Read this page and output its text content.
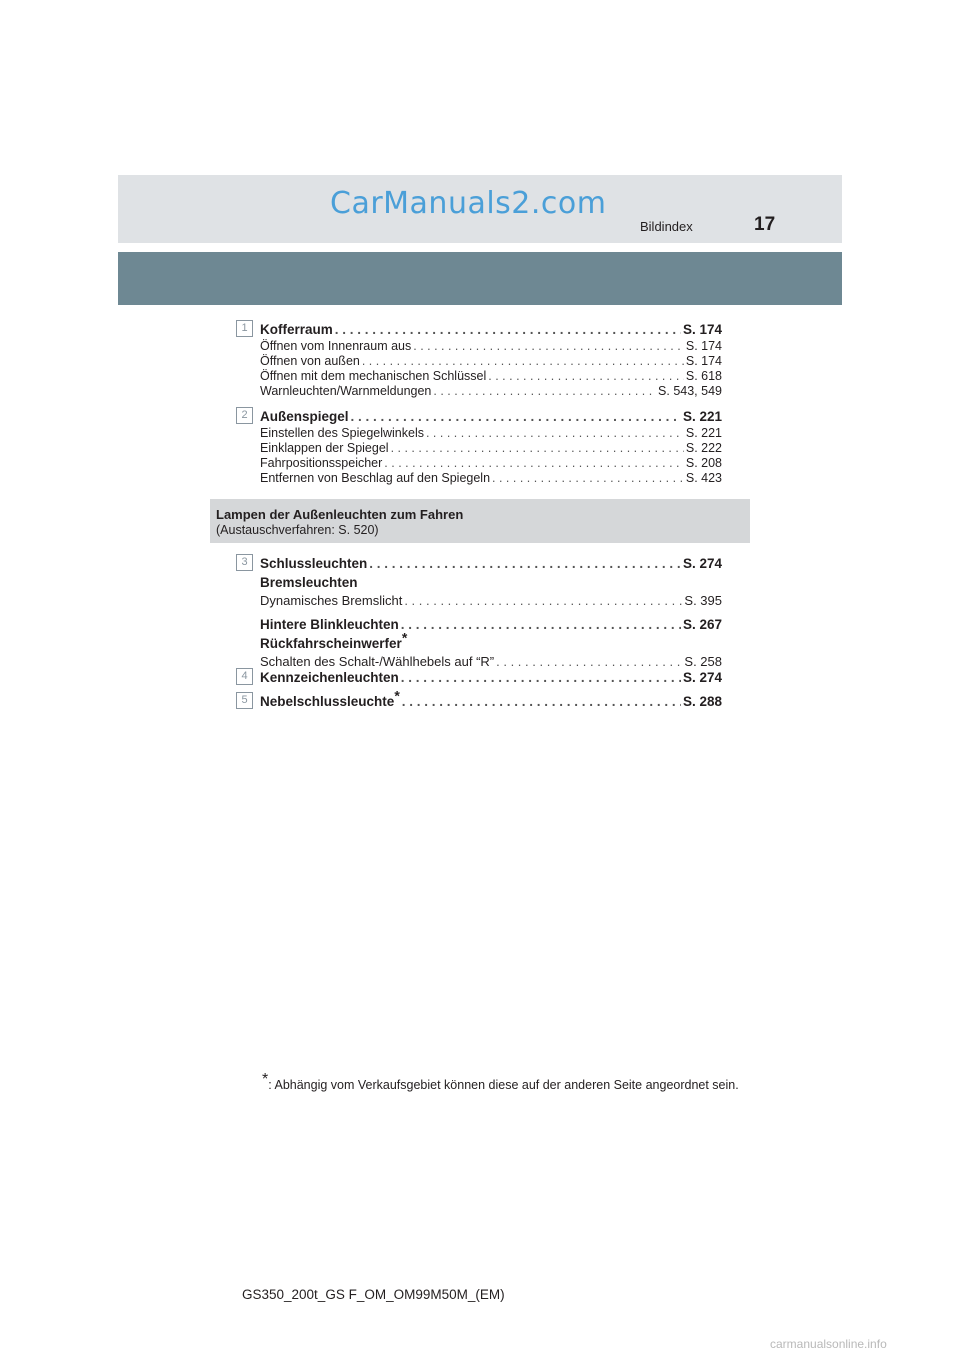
CarManuals2.com
Bildindex	17
1 Kofferraum . . .	S. 174
Öffnen vom Innenraum aus . . .	S. 174
Öffnen von außen . . .	S. 174
Öffnen mit dem mechanischen Schlüssel . . .	S. 618
Warnleuchten/Warnmeldungen . . .	S. 543, 549
2 Außenspiegel . . .	S. 221
Einstellen des Spiegelwinkels . . .	S. 221
Einklappen der Spiegel . . .	S. 222
Fahrpositionsspeicher . . .	S. 208
Entfernen von Beschlag auf den Spiegeln . . .	S. 423
Lampen der Außenleuchten zum Fahren
(Austauschverfahren: S. 520)
3 Schlussleuchten . . .	S. 274
Bremsleuchten
Dynamisches Bremslicht . . .	S. 395
Hintere Blinkleuchten . . .	S. 267
Rückfahrscheinwerfer*
Schalten des Schalt-/Wählhebels auf “R” . . .	S. 258
4 Kennzeichenleuchten . . .	S. 274
5 Nebelschlussleuchte* . . .	S. 288
*: Abhängig vom Verkaufsgebiet können diese auf der anderen Seite angeordnet sein.
GS350_200t_GS F_OM_OM99M50M_(EM)
carmanualsonline.info
